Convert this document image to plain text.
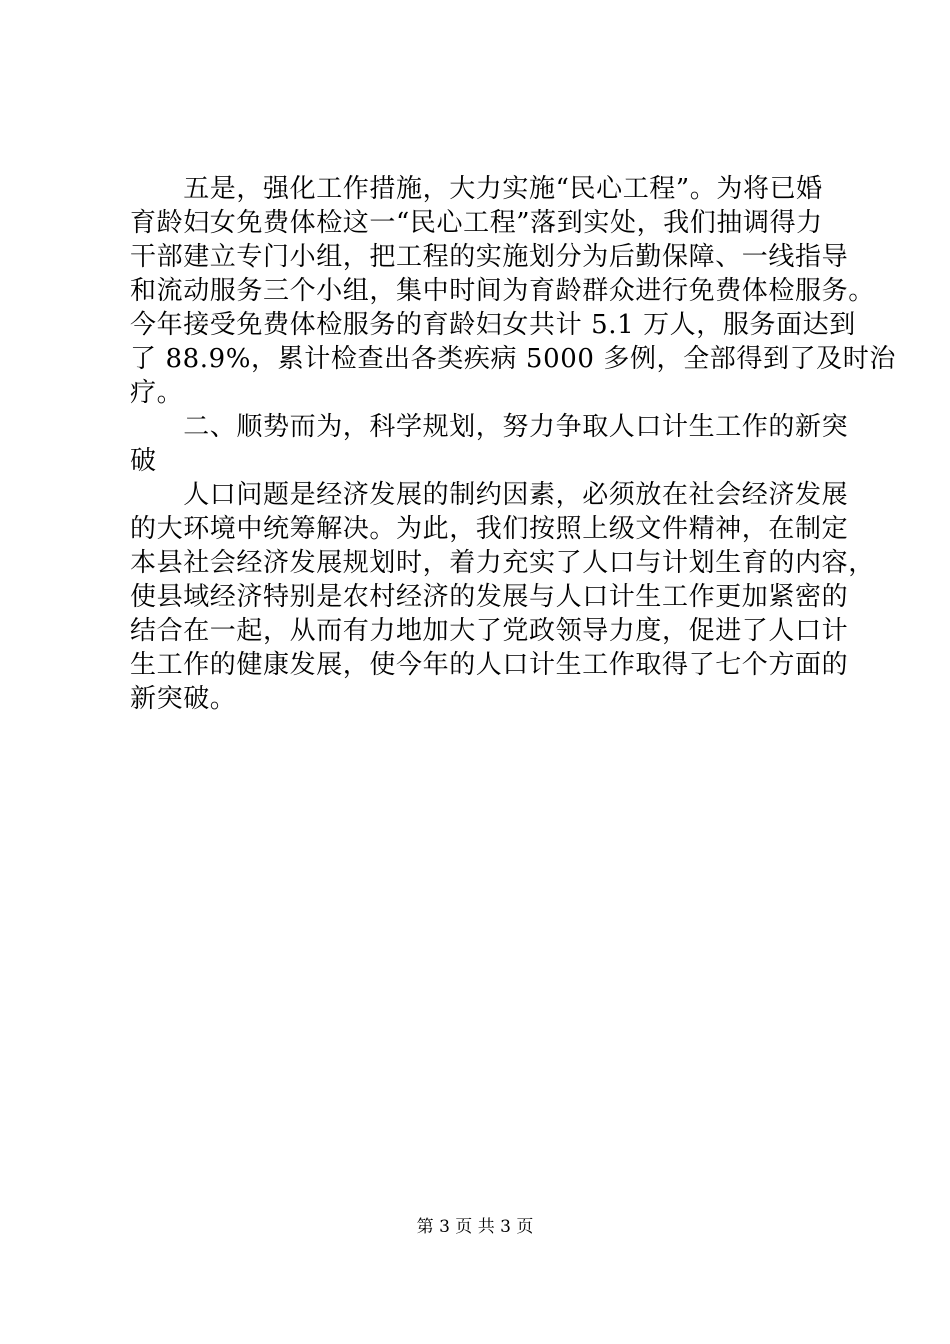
　　五是，强化工作措施，大力实施“民心工程”。为将已婚
育龄妇女免费体检这一“民心工程”落到实处，我们抽调得力
干部建立专门小组，把工程的实施划分为后勤保障、一线指导
和流动服务三个小组，集中时间为育龄群众进行免费体检服务。
今年接受免费体检服务的育龄妇女共计 5.1 万人，服务面达到
了 88.9%，累计检查出各类疾病 5000 多例，全部得到了及时治
疗。
　　二、顺势而为，科学规划，努力争取人口计生工作的新突
破
　　人口问题是经济发展的制约因素，必须放在社会经济发展
的大环境中统筹解决。为此，我们按照上级文件精神，在制定
本县社会经济发展规划时，着力充实了人口与计划生育的内容，
使县域经济特别是农村经济的发展与人口计生工作更加紧密的
结合在一起，从而有力地加大了党政领导力度，促进了人口计
生工作的健康发展，使今年的人口计生工作取得了七个方面的
新突破。
第 3 页 共 3 页
